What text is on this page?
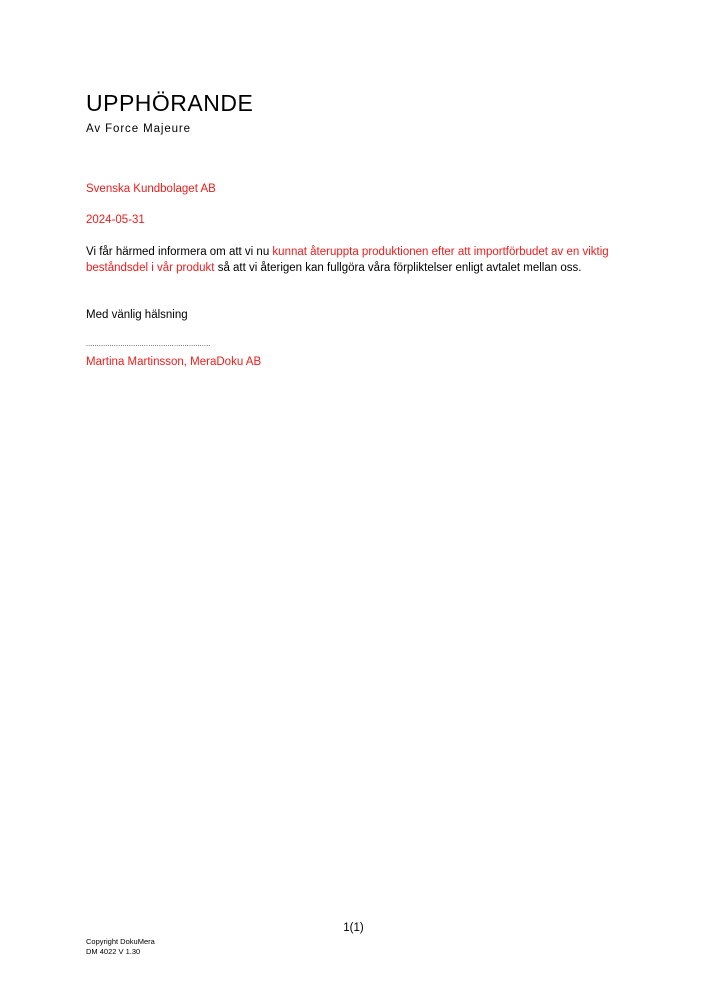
UPPHÖRANDE
Av Force Majeure
Svenska Kundbolaget AB
2024-05-31

Vi får härmed informera om att vi nu kunnat återuppta produktionen efter att importförbudet av en viktig beståndsdel i vår produkt så att vi återigen kan fullgöra våra förpliktelser enligt avtalet mellan oss.

Med vänlig hälsning
..........................................................
Martina Martinsson, MeraDoku AB
1(1)
Copyright DokuMera
DM 4022 V 1.30
